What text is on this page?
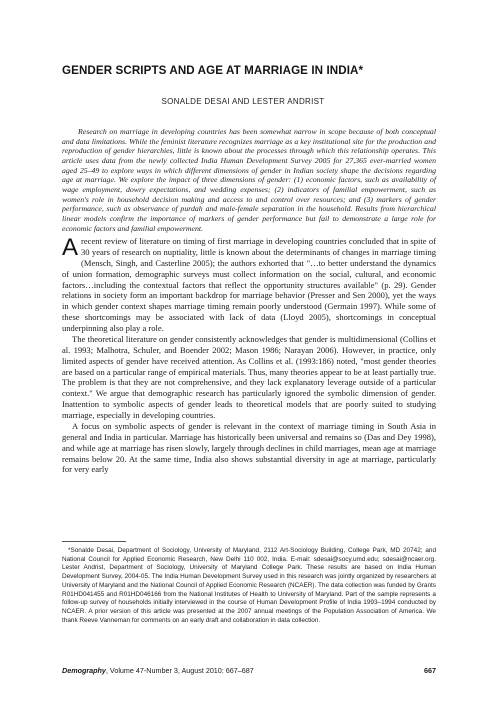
GENDER SCRIPTS AND AGE AT MARRIAGE IN INDIA*
SONALDE DESAI AND LESTER ANDRIST
Research on marriage in developing countries has been somewhat narrow in scope because of both conceptual and data limitations. While the feminist literature recognizes marriage as a key institutional site for the production and reproduction of gender hierarchies, little is known about the processes through which this relationship operates. This article uses data from the newly collected India Human Development Survey 2005 for 27,365 ever-married women aged 25–49 to explore ways in which different dimensions of gender in Indian society shape the decisions regarding age at marriage. We explore the impact of three dimensions of gender: (1) economic factors, such as availability of wage employment, dowry expectations, and wedding expenses; (2) indicators of familial empowerment, such as women's role in household decision making and access to and control over resources; and (3) markers of gender performance, such as observance of purdah and male-female separation in the household. Results from hierarchical linear models confirm the importance of markers of gender performance but fail to demonstrate a large role for economic factors and familial empowerment.

Arecent review of literature on timing of first marriage in developing countries concluded that in spite of 30 years of research on nuptiality, little is known about the determinants of changes in marriage timing (Mensch, Singh, and Casterline 2005); the authors exhorted that "…to better understand the dynamics of union formation, demographic surveys must collect information on the social, cultural, and economic factors…including the contextual factors that reflect the opportunity structures available" (p. 29). Gender relations in society form an important backdrop for marriage behavior (Presser and Sen 2000), yet the ways in which gender context shapes marriage timing remain poorly understood (Germain 1997). While some of these shortcomings may be associated with lack of data (Lloyd 2005), shortcomings in conceptual underpinning also play a role.

The theoretical literature on gender consistently acknowledges that gender is multidimensional (Collins et al. 1993; Malhotra, Schuler, and Boender 2002; Mason 1986; Narayan 2006). However, in practice, only limited aspects of gender have received attention. As Collins et al. (1993:186) noted, "most gender theories are based on a particular range of empirical materials. Thus, many theories appear to be at least partially true. The problem is that they are not comprehensive, and they lack explanatory leverage outside of a particular context." We argue that demographic research has particularly ignored the symbolic dimension of gender. Inattention to symbolic aspects of gender leads to theoretical models that are poorly suited to studying marriage, especially in developing countries.

A focus on symbolic aspects of gender is relevant in the context of marriage timing in South Asia in general and India in particular. Marriage has historically been universal and remains so (Das and Dey 1998), and while age at marriage has risen slowly, largely through declines in child marriages, mean age at marriage remains below 20. At the same time, India also shows substantial diversity in age at marriage, particularly for very early

*Sonalde Desai, Department of Sociology, University of Maryland, 2112 Art-Sociology Building, College Park, MD 20742; and National Council for Applied Economic Research, New Delhi 110 002, India. E-mail: sdesai@socy.umd.edu; sdesai@ncaer.org. Lester Andrist, Department of Sociology, University of Maryland College Park. These results are based on India Human Development Survey, 2004-05. The India Human Development Survey used in this research was jointly organized by researchers at University of Maryland and the National Council of Applied Economic Research (NCAER). The data collection was funded by Grants R01HD041455 and R01HD046166 from the National Institutes of Health to University of Maryland. Part of the sample represents a follow-up survey of households initially interviewed in the course of Human Development Profile of India 1993–1994 conducted by NCAER. A prior version of this article was presented at the 2007 annual meetings of the Population Association of America. We thank Reeve Vanneman for comments on an early draft and collaboration in data collection.
Demography, Volume 47-Number 3, August 2010: 667–687	667
